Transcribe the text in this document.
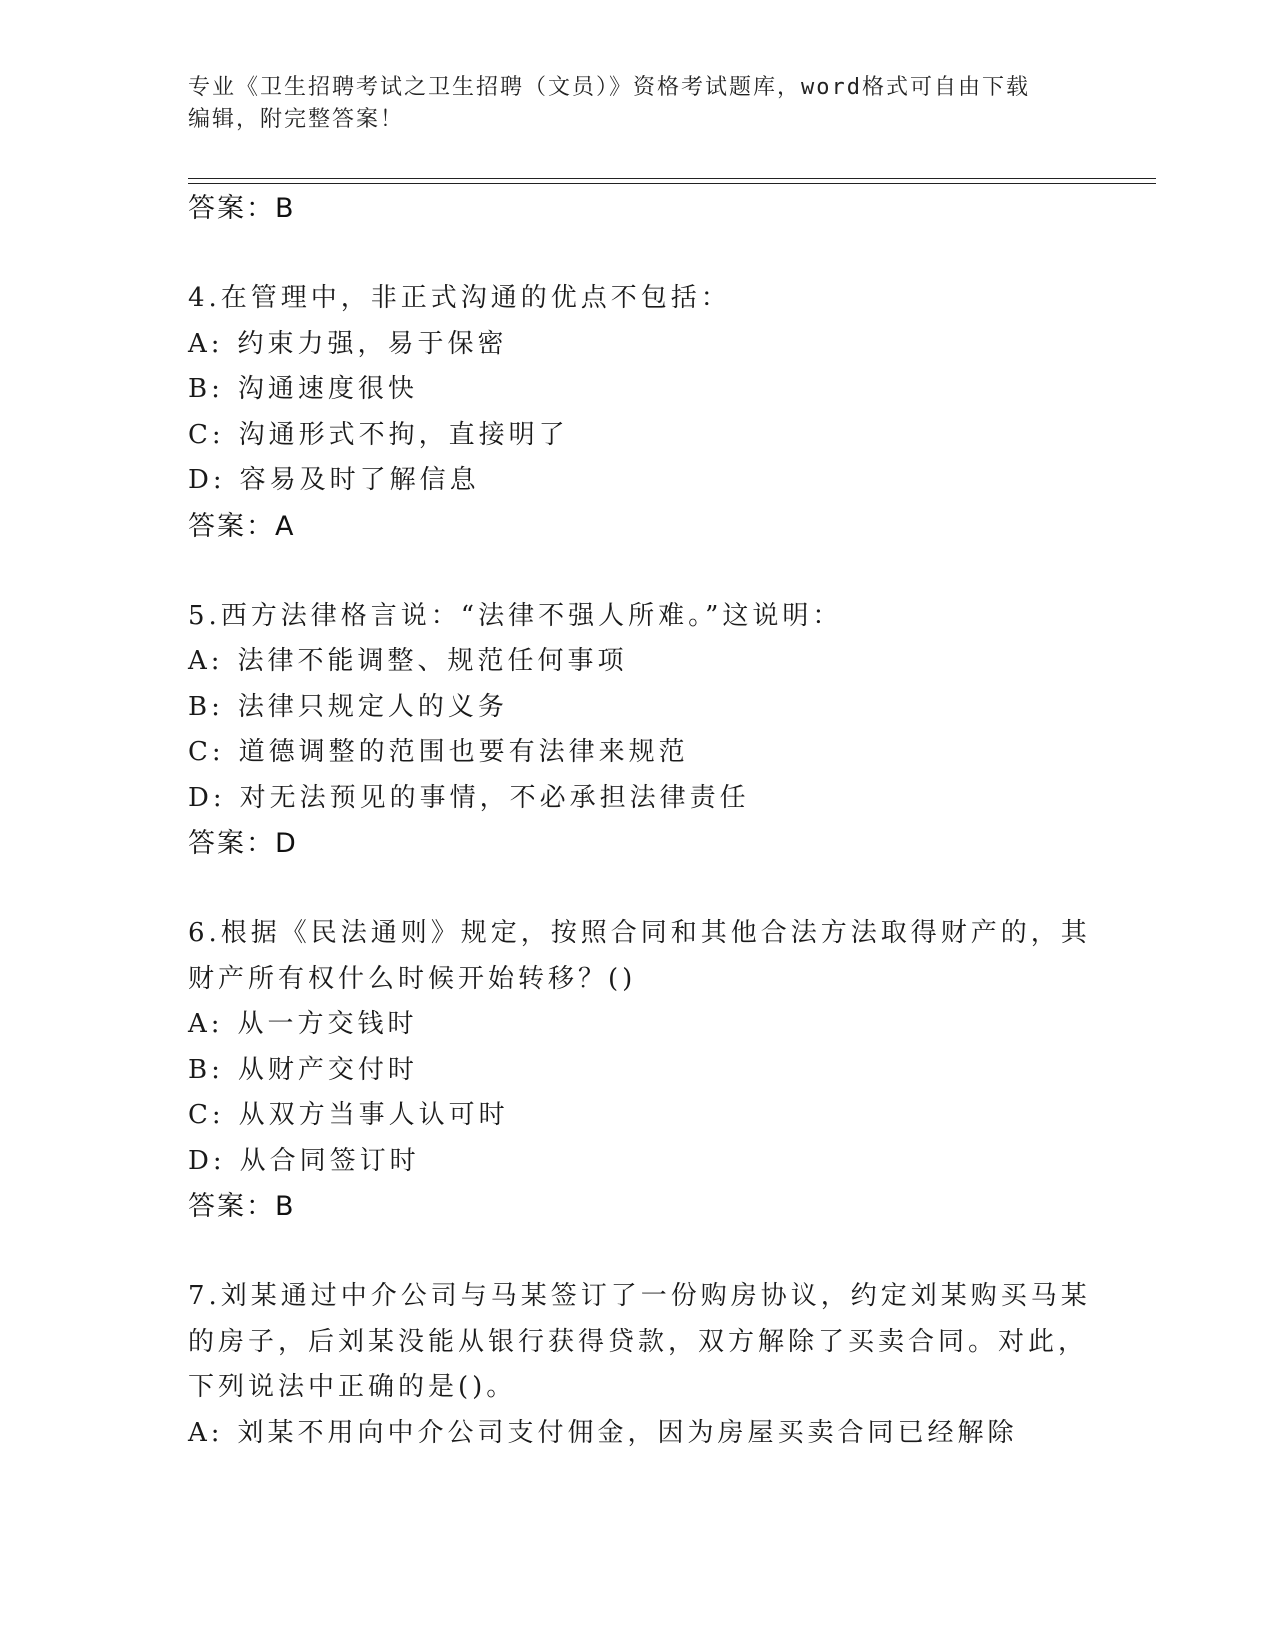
专业《卫生招聘考试之卫生招聘（文员）》资格考试题库，word格式可自由下载
编辑，附完整答案！
答案：B
4.在管理中，非正式沟通的优点不包括：
A: 约束力强，易于保密
B: 沟通速度很快
C: 沟通形式不拘，直接明了
D: 容易及时了解信息
答案：A
5.西方法律格言说：“法律不强人所难。”这说明：
A: 法律不能调整、规范任何事项
B: 法律只规定人的义务
C: 道德调整的范围也要有法律来规范
D: 对无法预见的事情，不必承担法律责任
答案：D
6.根据《民法通则》规定，按照合同和其他合法方法取得财产的，其
财产所有权什么时候开始转移？()
A: 从一方交钱时
B: 从财产交付时
C: 从双方当事人认可时
D: 从合同签订时
答案：B
7.刘某通过中介公司与马某签订了一份购房协议，约定刘某购买马某
的房子，后刘某没能从银行获得贷款，双方解除了买卖合同。对此，
下列说法中正确的是()。
A: 刘某不用向中介公司支付佣金，因为房屋买卖合同已经解除
